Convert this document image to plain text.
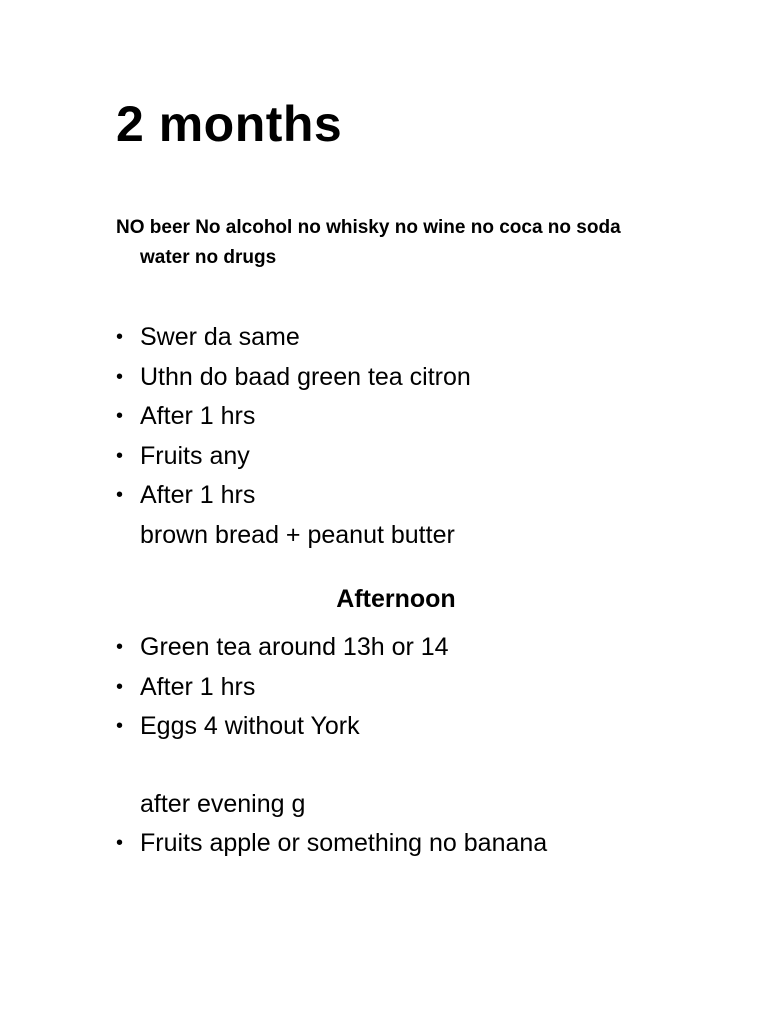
2 months

NO beer No alcohol no whisky no wine no coca no soda
water no drugs

• Swer da same
• Uthn do baad green tea citron
• After 1 hrs
• Fruits any
• After 1 hrs
brown bread + peanut butter
Afternoon
• Green tea around 13h or 14
• After 1 hrs
• Eggs 4 without York

after evening g

• Fruits apple or something no banana
